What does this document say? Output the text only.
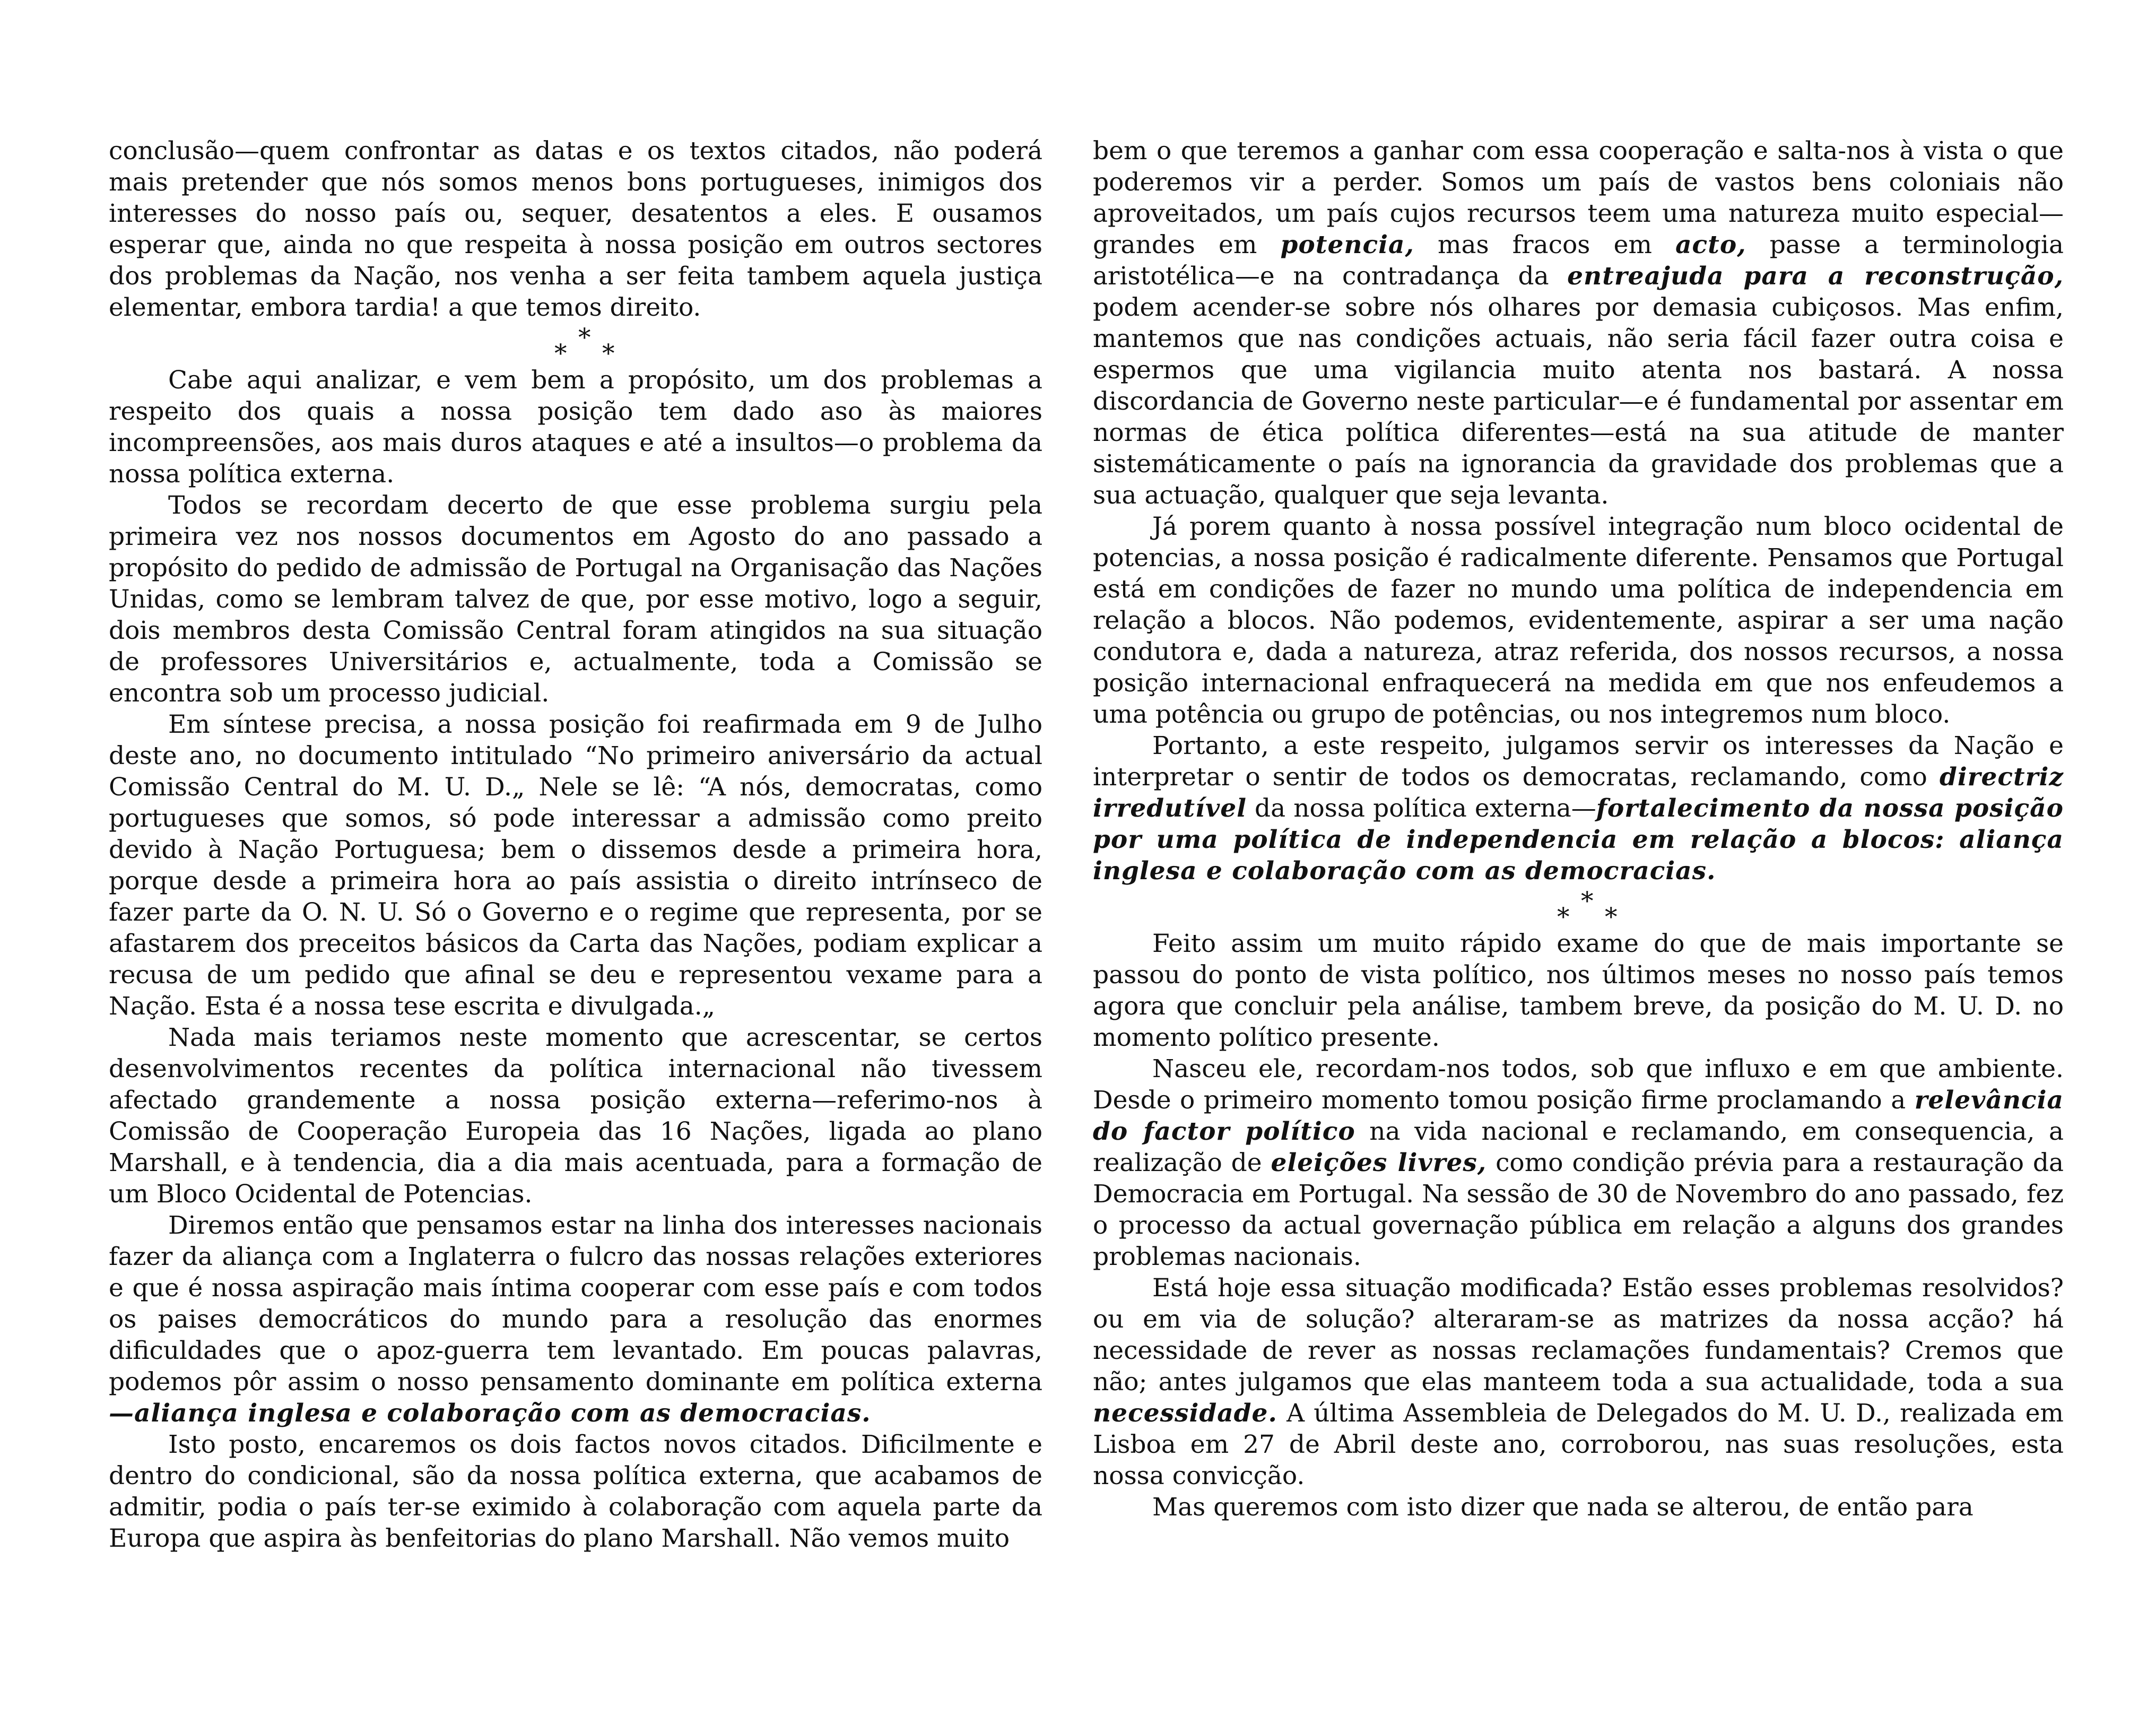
conclusão—quem confrontar as datas e os textos citados, não poderá mais pretender que nós somos menos bons portugueses, inimigos dos interesses do nosso país ou, sequer, desatentos a eles. E ousamos esperar que, ainda no que respeita à nossa posição em outros sectores dos problemas da Nação, nos venha a ser feita tambem aquela justiça elementar, embora tardia! a que temos direito.

*
*
*

Cabe aqui analizar, e vem bem a propósito, um dos problemas a respeito dos quais a nossa posição tem dado aso às maiores incompreensões, aos mais duros ataques e até a insultos—o problema da nossa política externa.

Todos se recordam decerto de que esse problema surgiu pela primeira vez nos nossos documentos em Agosto do ano passado a propósito do pedido de admissão de Portugal na Organisação das Nações Unidas, como se lembram talvez de que, por esse motivo, logo a seguir, dois membros desta Comissão Central foram atingidos na sua situação de professores Universitários e, actualmente, toda a Comissão se encontra sob um processo judicial.

Em síntese precisa, a nossa posição foi reafirmada em 9 de Julho deste ano, no documento intitulado “No primeiro aniversário da actual Comissão Central do M. U. D.„ Nele se lê: “A nós, democratas, como portugueses que somos, só pode interessar a admissão como preito devido à Nação Portuguesa; bem o dissemos desde a primeira hora, porque desde a primeira hora ao país assistia o direito intrínseco de fazer parte da O. N. U. Só o Governo e o regime que representa, por se afastarem dos preceitos básicos da Carta das Nações, podiam explicar a recusa de um pedido que afinal se deu e representou vexame para a Nação. Esta é a nossa tese escrita e divulgada.„

Nada mais teriamos neste momento que acrescentar, se certos desenvolvimentos recentes da política internacional não tivessem afectado grandemente a nossa posição externa—referimo-nos à Comissão de Cooperação Europeia das 16 Nações, ligada ao plano Marshall, e à tendencia, dia a dia mais acentuada, para a formação de um Bloco Ocidental de Potencias.

Diremos então que pensamos estar na linha dos interesses nacionais fazer da aliança com a Inglaterra o fulcro das nossas relações exteriores e que é nossa aspiração mais íntima cooperar com esse país e com todos os paises democráticos do mundo para a resolução das enormes dificuldades que o apoz-guerra tem levantado. Em poucas palavras, podemos pôr assim o nosso pensamento dominante em política externa —aliança inglesa e colaboração com as democracias.

Isto posto, encaremos os dois factos novos citados. Dificilmente e dentro do condicional, são da nossa política externa, que acabamos de admitir, podia o país ter-se eximido à colaboração com aquela parte da Europa que aspira às benfeitorias do plano Marshall. Não vemos muito

bem o que teremos a ganhar com essa cooperação e salta-nos à vista o que poderemos vir a perder. Somos um país de vastos bens coloniais não aproveitados, um país cujos recursos teem uma natureza muito especial—grandes em potencia, mas fracos em acto, passe a terminologia aristotélica—e na contradança da entreajuda para a reconstrução, podem acender-se sobre nós olhares por demasia cubiçosos. Mas enfim, mantemos que nas condições actuais, não seria fácil fazer outra coisa e espermos que uma vigilancia muito atenta nos bastará. A nossa discordancia de Governo neste particular—e é fundamental por assentar em normas de ética política diferentes—está na sua atitude de manter sistemáticamente o país na ignorancia da gravidade dos problemas que a sua actuação, qualquer que seja levanta.

Já porem quanto à nossa possível integração num bloco ocidental de potencias, a nossa posição é radicalmente diferente. Pensamos que Portugal está em condições de fazer no mundo uma política de independencia em relação a blocos. Não podemos, evidentemente, aspirar a ser uma nação condutora e, dada a natureza, atraz referida, dos nossos recursos, a nossa posição internacional enfraquecerá na medida em que nos enfeudemos a uma potência ou grupo de potências, ou nos integremos num bloco.

Portanto, a este respeito, julgamos servir os interesses da Nação e interpretar o sentir de todos os democratas, reclamando, como directriz irredutível da nossa política externa—fortalecimento da nossa posição por uma política de independencia em relação a blocos: aliança inglesa e colaboração com as democracias.

*
*
*

Feito assim um muito rápido exame do que de mais importante se passou do ponto de vista político, nos últimos meses no nosso país temos agora que concluir pela análise, tambem breve, da posição do M. U. D. no momento político presente.

Nasceu ele, recordam-nos todos, sob que influxo e em que ambiente. Desde o primeiro momento tomou posição firme proclamando a relevância do factor político na vida nacional e reclamando, em consequencia, a realização de eleições livres, como condição prévia para a restauração da Democracia em Portugal. Na sessão de 30 de Novembro do ano passado, fez o processo da actual governação pública em relação a alguns dos grandes problemas nacionais.

Está hoje essa situação modificada? Estão esses problemas resolvidos? ou em via de solução? alteraram-se as matrizes da nossa acção? há necessidade de rever as nossas reclamações fundamentais? Cremos que não; antes julgamos que elas manteem toda a sua actualidade, toda a sua necessidade. A última Assembleia de Delegados do M. U. D., realizada em Lisboa em 27 de Abril deste ano, corroborou, nas suas resoluções, esta nossa convicção.

Mas queremos com isto dizer que nada se alterou, de então para
